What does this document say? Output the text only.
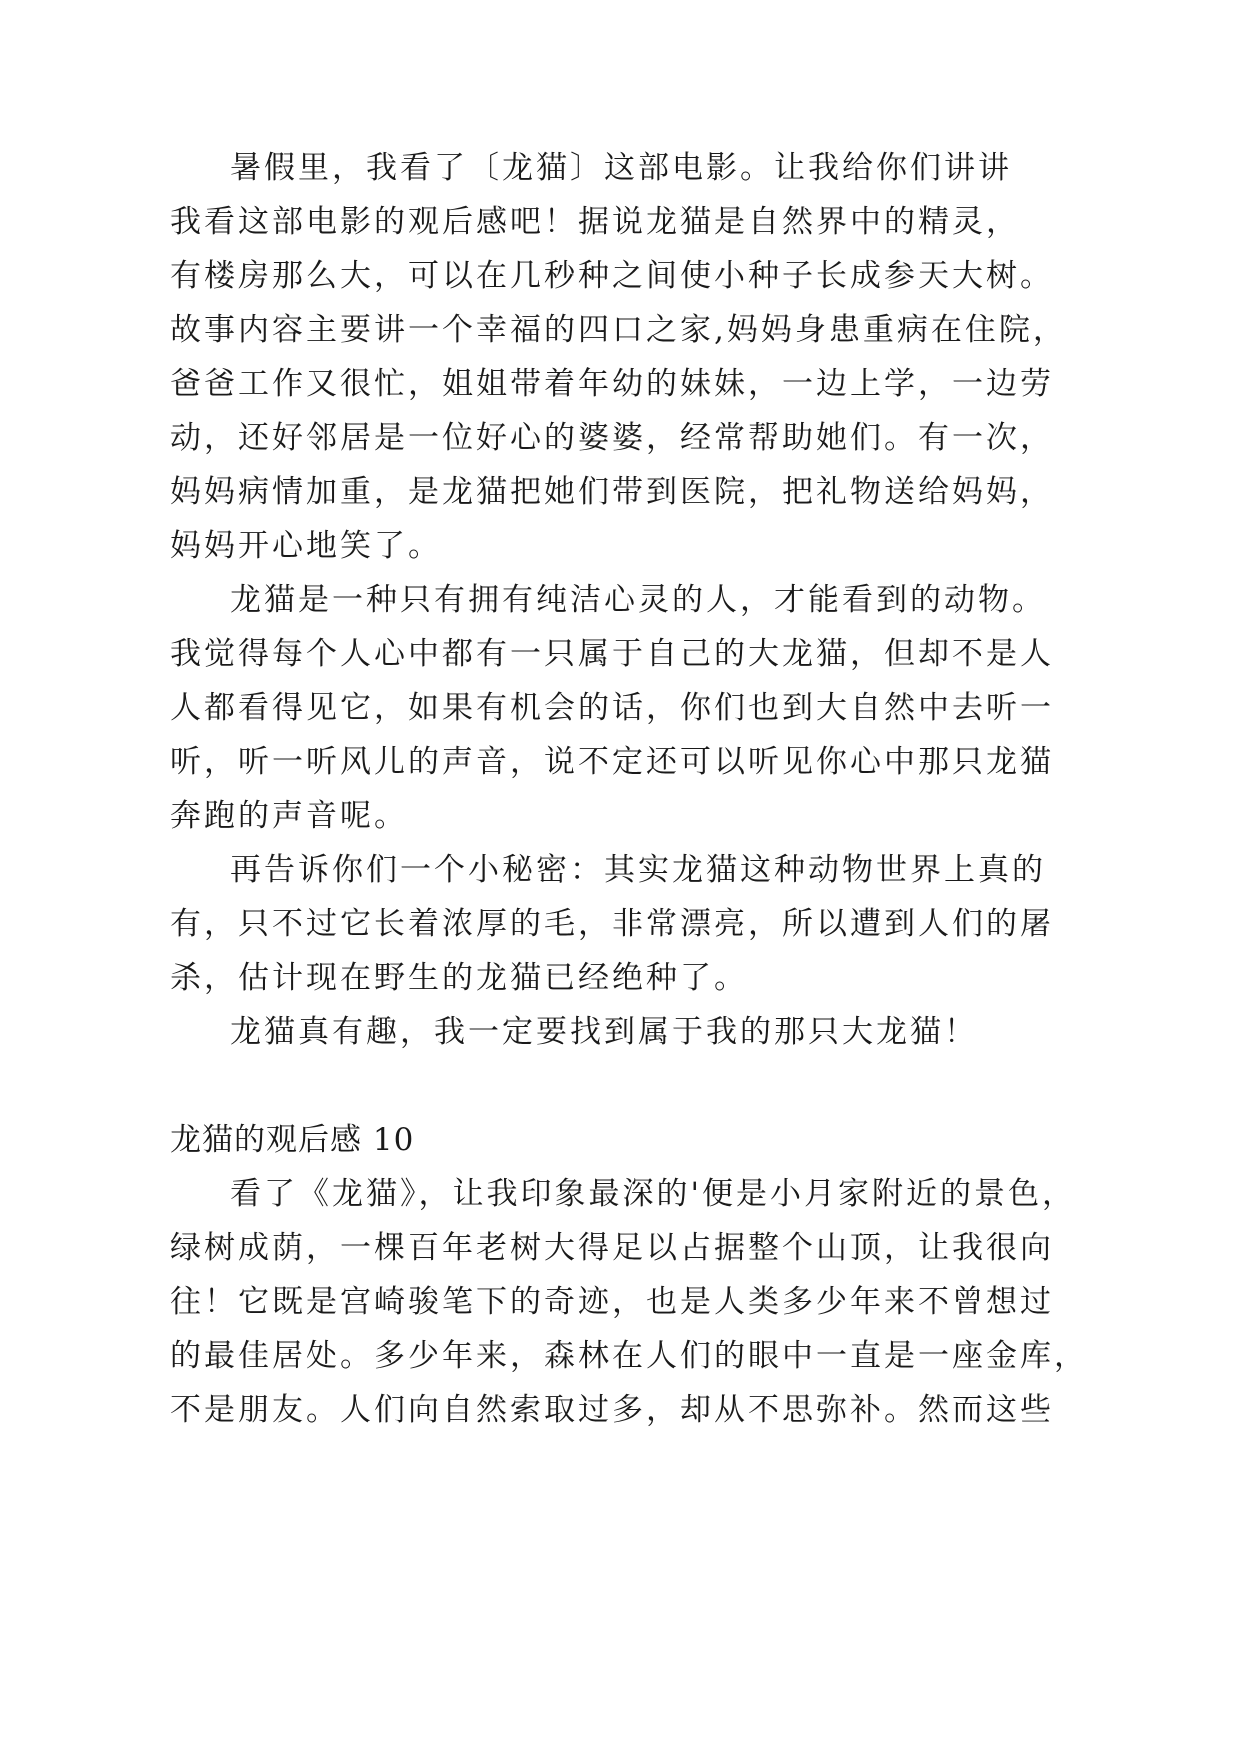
暑假里，我看了〔龙猫〕这部电影。让我给你们讲讲
我看这部电影的观后感吧！据说龙猫是自然界中的精灵，
有楼房那么大，可以在几秒种之间使小种子长成参天大树。
故事内容主要讲一个幸福的四口之家,妈妈身患重病在住院，
爸爸工作又很忙，姐姐带着年幼的妹妹，一边上学，一边劳
动，还好邻居是一位好心的婆婆，经常帮助她们。有一次，
妈妈病情加重，是龙猫把她们带到医院，把礼物送给妈妈，
妈妈开心地笑了。
龙猫是一种只有拥有纯洁心灵的人，才能看到的动物。
我觉得每个人心中都有一只属于自己的大龙猫，但却不是人
人都看得见它，如果有机会的话，你们也到大自然中去听一
听，听一听风儿的声音，说不定还可以听见你心中那只龙猫
奔跑的声音呢。
再告诉你们一个小秘密：其实龙猫这种动物世界上真的
有，只不过它长着浓厚的毛，非常漂亮，所以遭到人们的屠
杀，估计现在野生的龙猫已经绝种了。
龙猫真有趣，我一定要找到属于我的那只大龙猫！
龙猫的观后感 10
看了《龙猫》，让我印象最深的'便是小月家附近的景色，
绿树成荫，一棵百年老树大得足以占据整个山顶，让我很向
往！它既是宫崎骏笔下的奇迹，也是人类多少年来不曾想过
的最佳居处。多少年来，森林在人们的眼中一直是一座金库，
不是朋友。人们向自然索取过多，却从不思弥补。然而这些
